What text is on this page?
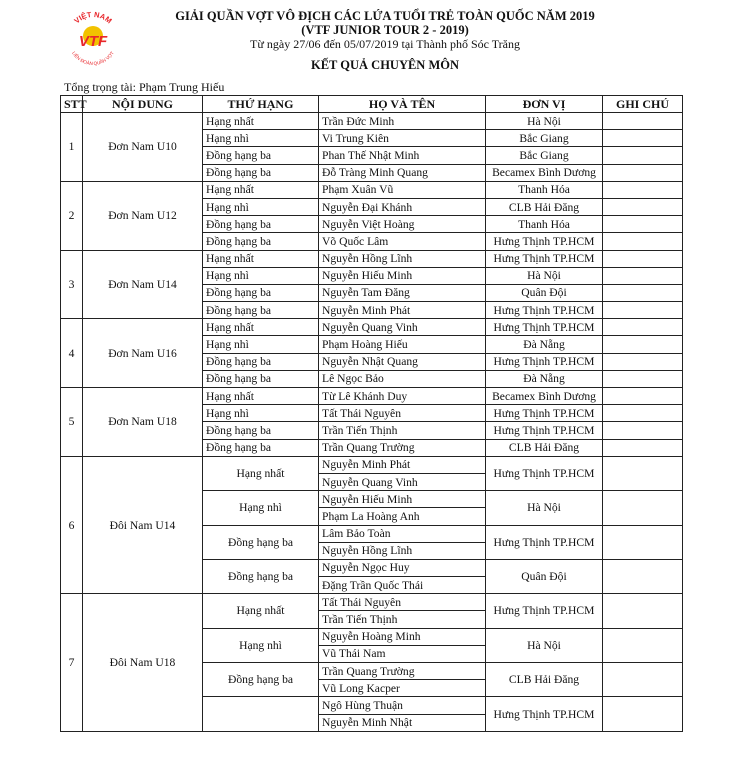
VIỆT NAM
VTF
LIÊN ĐOÀN QUẦN VỢT
GIẢI QUẦN VỢT VÔ ĐỊCH CÁC LỨA TUỔI TRẺ TOÀN QUỐC NĂM 2019
(VTF JUNIOR TOUR 2 - 2019)
Từ ngày 27/06 đến 05/07/2019 tại Thành phố Sóc Trăng
KẾT QUẢ CHUYÊN MÔN
Tổng trọng tài: Phạm Trung Hiếu
STT	NỘI DUNG	THỨ HẠNG	HỌ VÀ TÊN	ĐƠN VỊ	GHI CHÚ
1	Đơn Nam U10	Hạng nhất	Trần Đức Minh	Hà Nội	
		Hạng nhì	Vi Trung Kiên	Bắc Giang	
		Đồng hạng ba	Phan Thế Nhật Minh	Bắc Giang	
		Đồng hạng ba	Đỗ Tràng Minh Quang	Becamex Bình Dương	
2	Đơn Nam U12	Hạng nhất	Phạm Xuân Vũ	Thanh Hóa	
		Hạng nhì	Nguyễn Đại Khánh	CLB Hải Đăng	
		Đồng hạng ba	Nguyễn Việt Hoàng	Thanh Hóa	
		Đồng hạng ba	Võ Quốc Lâm	Hưng Thịnh TP.HCM	
3	Đơn Nam U14	Hạng nhất	Nguyễn Hồng Lĩnh	Hưng Thịnh TP.HCM	
		Hạng nhì	Nguyễn Hiếu Minh	Hà Nội	
		Đồng hạng ba	Nguyễn Tam Đăng	Quân Đội	
		Đồng hạng ba	Nguyễn Minh Phát	Hưng Thịnh TP.HCM	
4	Đơn Nam U16	Hạng nhất	Nguyễn Quang Vinh	Hưng Thịnh TP.HCM	
		Hạng nhì	Phạm Hoàng Hiếu	Đà Nẵng	
		Đồng hạng ba	Nguyễn Nhật Quang	Hưng Thịnh TP.HCM	
		Đồng hạng ba	Lê Ngọc Bảo	Đà Nẵng	
5	Đơn Nam U18	Hạng nhất	Từ Lê Khánh Duy	Becamex Bình Dương	
		Hạng nhì	Tất Thái Nguyên	Hưng Thịnh TP.HCM	
		Đồng hạng ba	Trần Tiến Thịnh	Hưng Thịnh TP.HCM	
		Đồng hạng ba	Trần Quang Trường	CLB Hải Đăng	
6	Đôi Nam U14	Hạng nhất	Nguyễn Minh Phát	Hưng Thịnh TP.HCM	
			Nguyễn Quang Vinh		
		Hạng nhì	Nguyễn Hiếu Minh	Hà Nội	
			Phạm La Hoàng Anh		
		Đồng hạng ba	Lâm Bảo Toàn	Hưng Thịnh TP.HCM	
			Nguyễn Hồng Lĩnh		
		Đồng hạng ba	Nguyễn Ngọc Huy	Quân Đội	
			Đặng Trần Quốc Thái		
7	Đôi Nam U18	Hạng nhất	Tất Thái Nguyên	Hưng Thịnh TP.HCM	
			Trần Tiến Thịnh		
		Hạng nhì	Nguyễn Hoàng Minh	Hà Nội	
			Vũ Thái Nam		
		Đồng hạng ba	Trần Quang Trường	CLB Hải Đăng	
			Vũ Long Kacper		
			Ngô Hùng Thuận	Hưng Thịnh TP.HCM	
			Nguyễn Minh Nhật		
